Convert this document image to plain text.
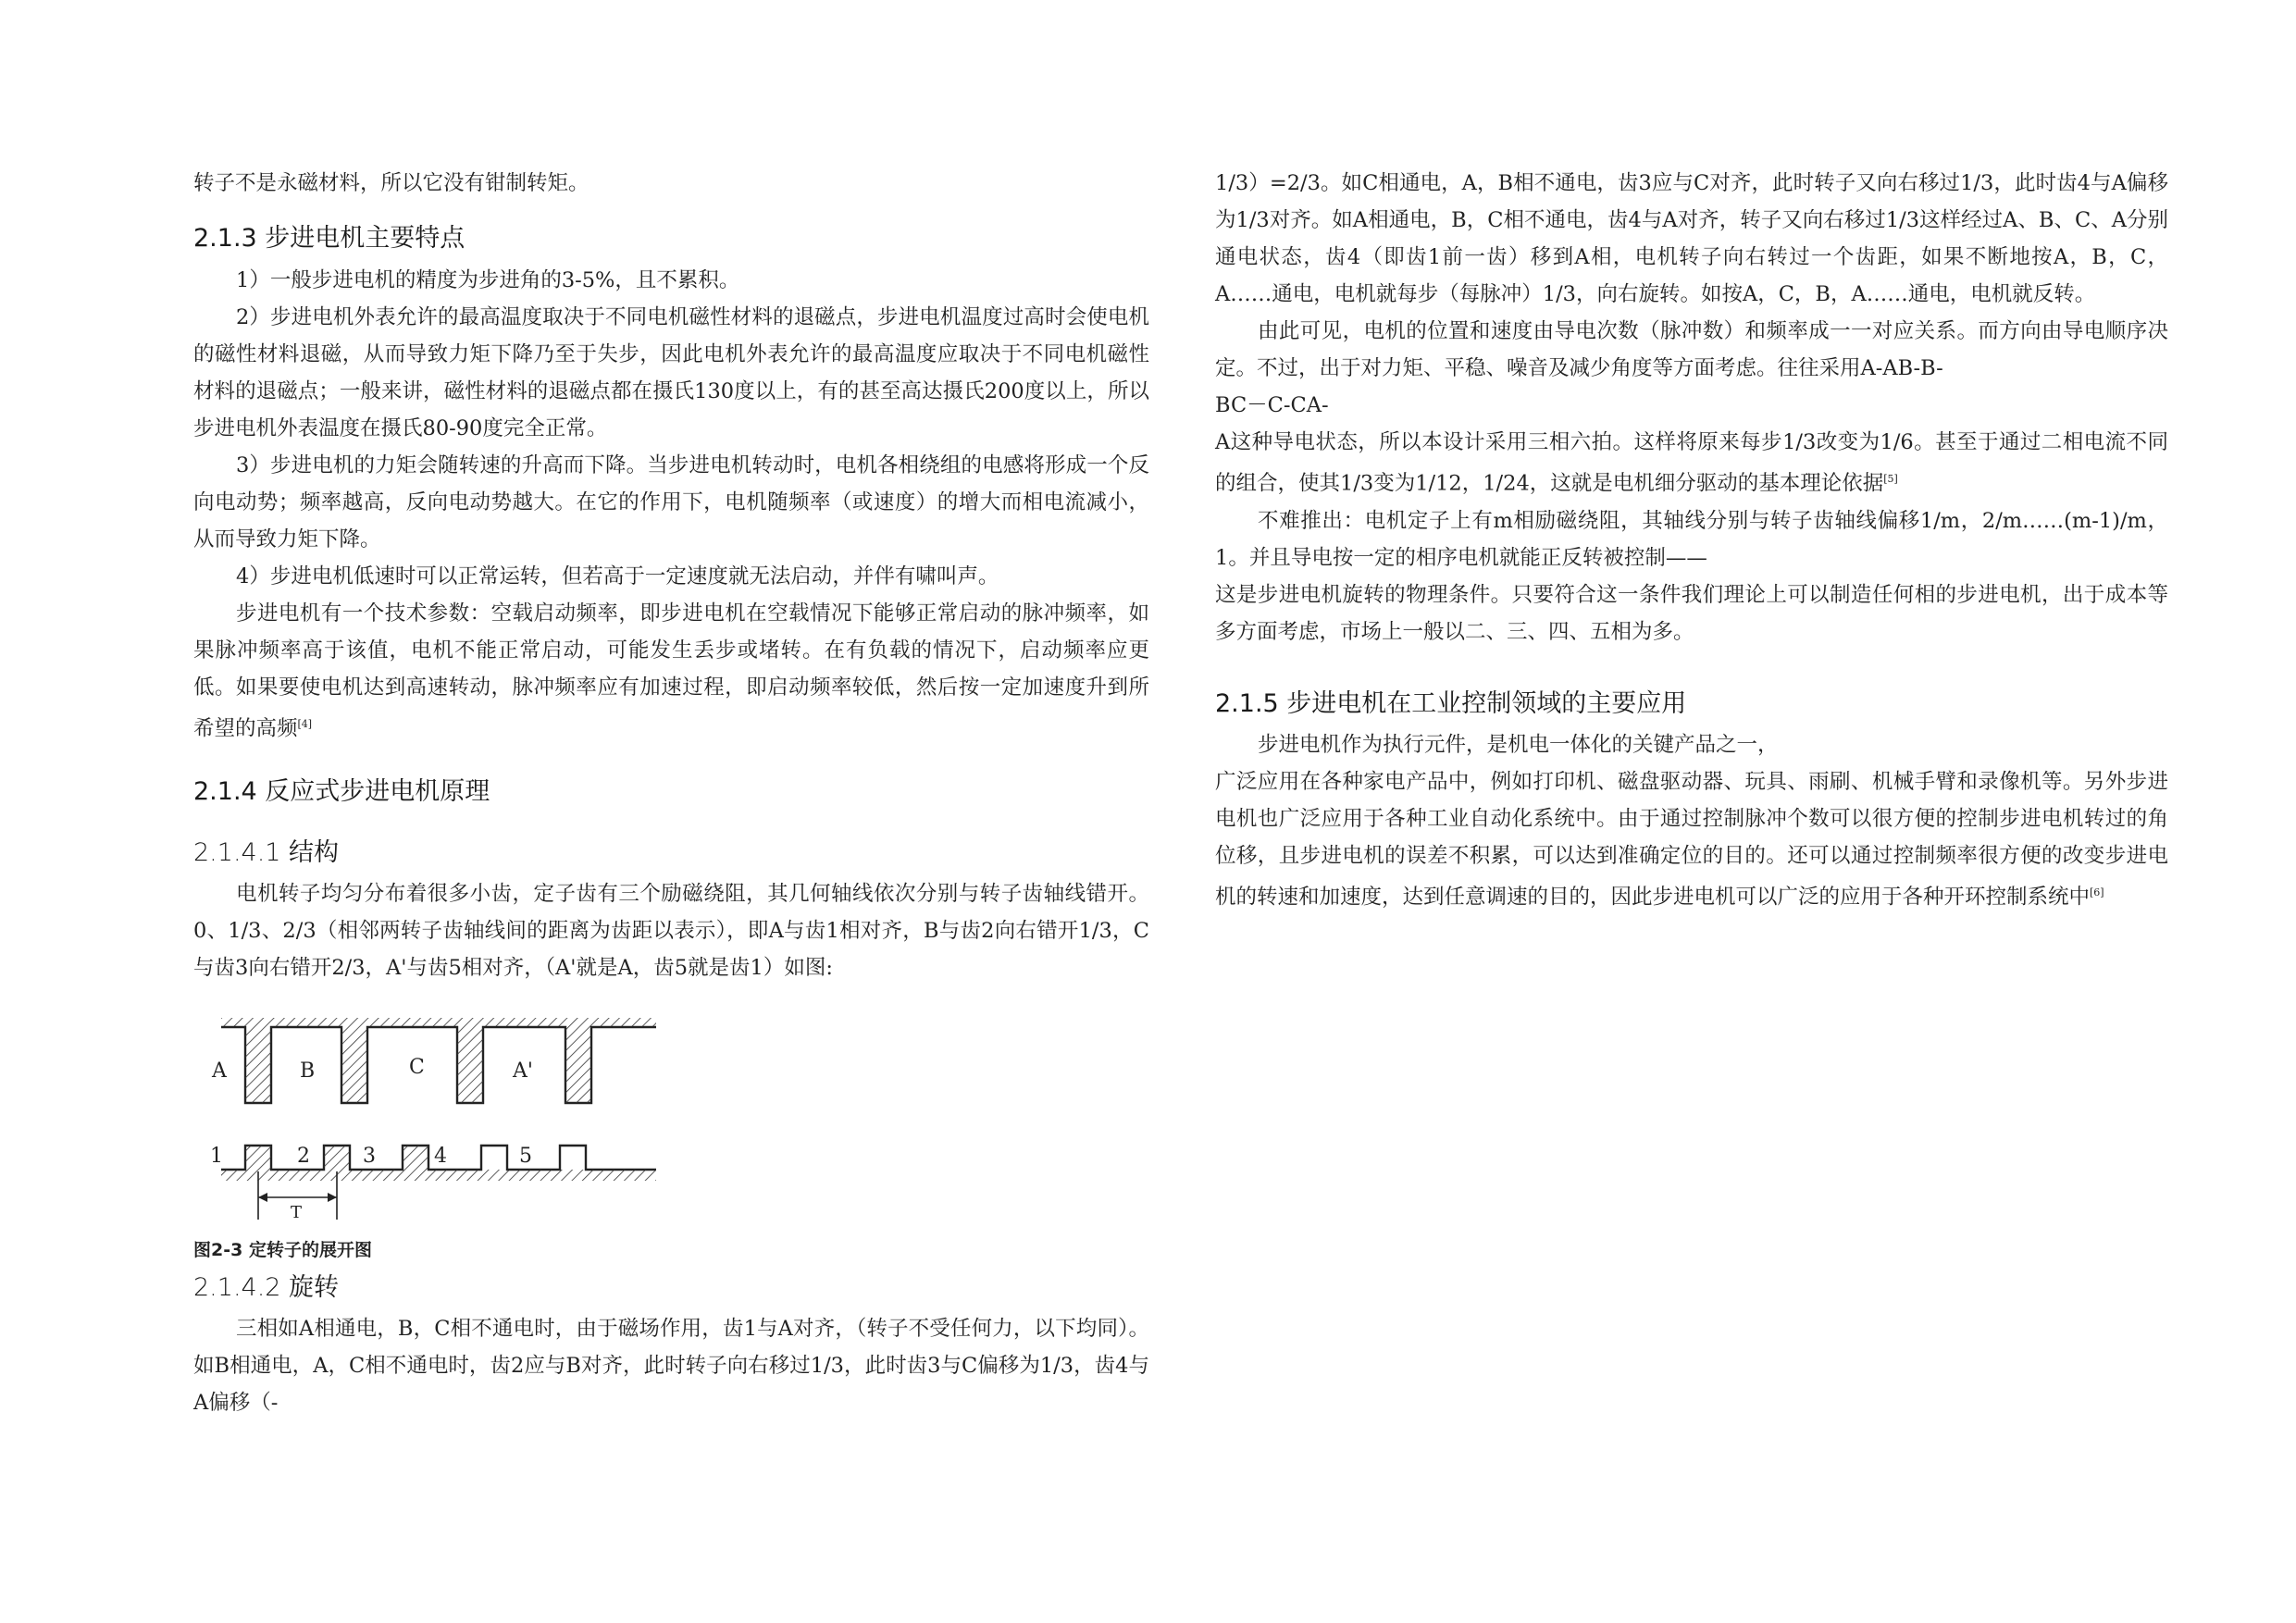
转子不是永磁材料，所以它没有钳制转矩。

2.1.3 步进电机主要特点

1）一般步进电机的精度为步进角的3-5%，且不累积。

2）步进电机外表允许的最高温度取决于不同电机磁性材料的退磁点，步进电机温度过高时会使电机的磁性材料退磁，从而导致力矩下降乃至于失步，因此电机外表允许的最高温度应取决于不同电机磁性材料的退磁点；一般来讲，磁性材料的退磁点都在摄氏130度以上，有的甚至高达摄氏200度以上，所以步进电机外表温度在摄氏80-90度完全正常。

3）步进电机的力矩会随转速的升高而下降。当步进电机转动时，电机各相绕组的电感将形成一个反向电动势；频率越高，反向电动势越大。在它的作用下，电机随频率（或速度）的增大而相电流减小，从而导致力矩下降。

4）步进电机低速时可以正常运转，但若高于一定速度就无法启动，并伴有啸叫声。

步进电机有一个技术参数：空载启动频率，即步进电机在空载情况下能够正常启动的脉冲频率，如果脉冲频率高于该值，电机不能正常启动，可能发生丢步或堵转。在有负载的情况下，启动频率应更低。如果要使电机达到高速转动，脉冲频率应有加速过程，即启动频率较低，然后按一定加速度升到所希望的高频[4]

2.1.4 反应式步进电机原理

2.1.4.1 结构

电机转子均匀分布着很多小齿，定子齿有三个励磁绕阻，其几何轴线依次分别与转子齿轴线错开。0、1/3、2/3（相邻两转子齿轴线间的距离为齿距以表示），即A与齿1相对齐，B与齿2向右错开1/3，C与齿3向右错开2/3，A'与齿5相对齐，（A'就是A，齿5就是齿1）如图:

A	B	C	A'
1	2	3	4	5
T

图2-3 定转子的展开图

2.1.4.2 旋转

三相如A相通电，B，C相不通电时，由于磁场作用，齿1与A对齐，（转子不受任何力，以下均同）。如B相通电，A，C相不通电时，齿2应与B对齐，此时转子向右移过1/3，此时齿3与C偏移为1/3，齿4与A偏移（-

1/3）=2/3。如C相通电，A，B相不通电，齿3应与C对齐，此时转子又向右移过1/3，此时齿4与A偏移为1/3对齐。如A相通电，B，C相不通电，齿4与A对齐，转子又向右移过1/3这样经过A、B、C、A分别通电状态，齿4（即齿1前一齿）移到A相，电机转子向右转过一个齿距，如果不断地按A，B，C，A……通电，电机就每步（每脉冲）1/3，向右旋转。如按A，C，B，A……通电，电机就反转。

由此可见，电机的位置和速度由导电次数（脉冲数）和频率成一一对应关系。而方向由导电顺序决定。不过，出于对力矩、平稳、噪音及减少角度等方面考虑。往往采用A-AB-B-

BC－C-CA-

A这种导电状态，所以本设计采用三相六拍。这样将原来每步1/3改变为1/6。甚至于通过二相电流不同的组合，使其1/3变为1/12，1/24，这就是电机细分驱动的基本理论依据[5]

不难推出：电机定子上有m相励磁绕阻，其轴线分别与转子齿轴线偏移1/m，2/m……(m-1)/m，1。并且导电按一定的相序电机就能正反转被控制——

这是步进电机旋转的物理条件。只要符合这一条件我们理论上可以制造任何相的步进电机，出于成本等多方面考虑，市场上一般以二、三、四、五相为多。

2.1.5 步进电机在工业控制领域的主要应用

步进电机作为执行元件，是机电一体化的关键产品之一，

广泛应用在各种家电产品中，例如打印机、磁盘驱动器、玩具、雨刷、机械手臂和录像机等。另外步进电机也广泛应用于各种工业自动化系统中。由于通过控制脉冲个数可以很方便的控制步进电机转过的角位移，且步进电机的误差不积累，可以达到准确定位的目的。还可以通过控制频率很方便的改变步进电机的转速和加速度，达到任意调速的目的，因此步进电机可以广泛的应用于各种开环控制系统中[6]
